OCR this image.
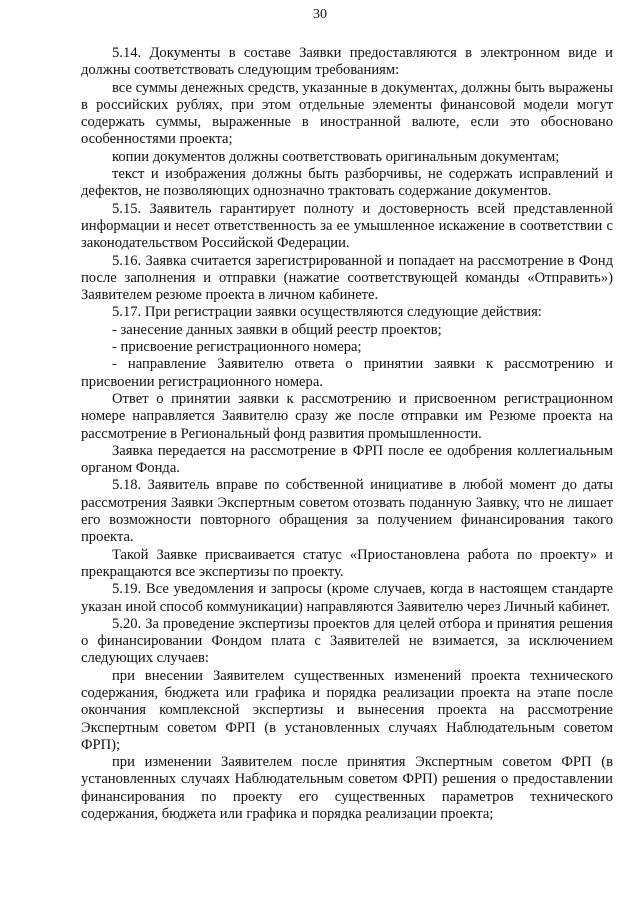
30

5.14. Документы в составе Заявки предоставляются в электронном виде и должны соответствовать следующим требованиям:

все суммы денежных средств, указанные в документах, должны быть выражены в российских рублях, при этом отдельные элементы финансовой модели могут содержать суммы, выраженные в иностранной валюте, если это обосновано особенностями проекта;

копии документов должны соответствовать оригинальным документам;

текст и изображения должны быть разборчивы, не содержать исправлений и дефектов, не позволяющих однозначно трактовать содержание документов.

5.15. Заявитель гарантирует полноту и достоверность всей представленной информации и несет ответственность за ее умышленное искажение в соответствии с законодательством Российской Федерации.

5.16. Заявка считается зарегистрированной и попадает на рассмотрение в Фонд после заполнения и отправки (нажатие соответствующей команды «Отправить») Заявителем резюме проекта в личном кабинете.

5.17. При регистрации заявки осуществляются следующие действия:

- занесение данных заявки в общий реестр проектов;

- присвоение регистрационного номера;

- направление Заявителю ответа о принятии заявки к рассмотрению и присвоении регистрационного номера.

Ответ о принятии заявки к рассмотрению и присвоенном регистрационном номере направляется Заявителю сразу же после отправки им Резюме проекта на рассмотрение в Региональный фонд развития промышленности.

Заявка передается на рассмотрение в ФРП после ее одобрения коллегиальным органом Фонда.

5.18. Заявитель вправе по собственной инициативе в любой момент до даты рассмотрения Заявки Экспертным советом отозвать поданную Заявку, что не лишает его возможности повторного обращения за получением финансирования такого проекта.

Такой Заявке присваивается статус «Приостановлена работа по проекту» и прекращаются все экспертизы по проекту.

5.19. Все уведомления и запросы (кроме случаев, когда в настоящем стандарте указан иной способ коммуникации) направляются Заявителю через Личный кабинет.

5.20. За проведение экспертизы проектов для целей отбора и принятия решения о финансировании Фондом плата с Заявителей не взимается, за исключением следующих случаев:

при внесении Заявителем существенных изменений проекта технического содержания, бюджета или графика и порядка реализации проекта на этапе после окончания комплексной экспертизы и вынесения проекта на рассмотрение Экспертным советом ФРП (в установленных случаях Наблюдательным советом ФРП);

при изменении Заявителем после принятия Экспертным советом ФРП (в установленных случаях Наблюдательным советом ФРП) решения о предоставлении финансирования по проекту его существенных параметров технического содержания, бюджета или графика и порядка реализации проекта;
